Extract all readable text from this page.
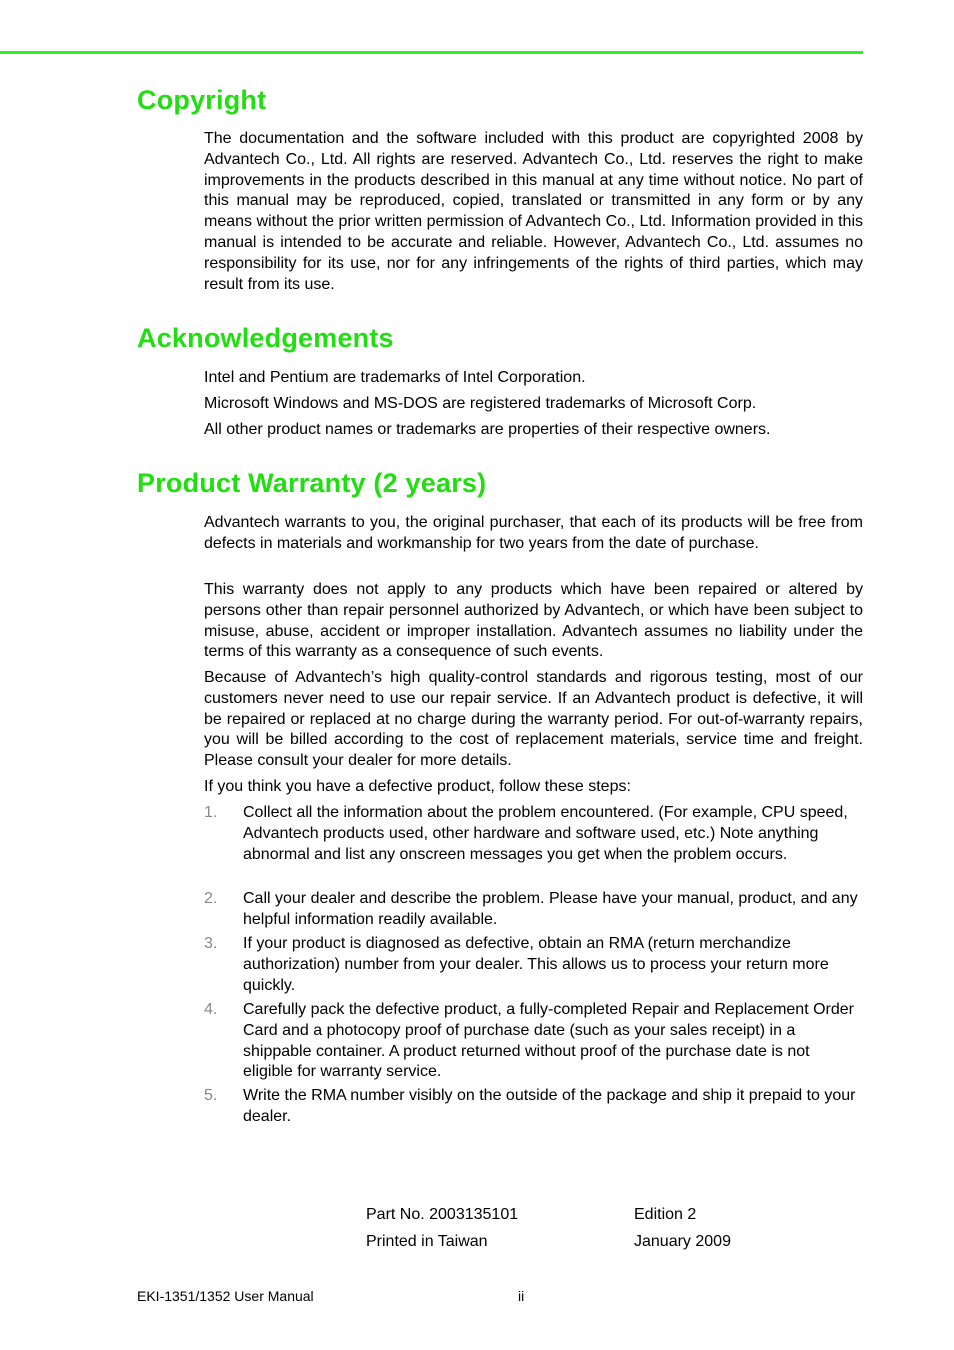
Copyright

The documentation and the software included with this product are copyrighted 2008 by Advantech Co., Ltd. All rights are reserved. Advantech Co., Ltd. reserves the right to make improvements in the products described in this manual at any time without notice. No part of this manual may be reproduced, copied, translated or transmitted in any form or by any means without the prior written permission of Advantech Co., Ltd. Information provided in this manual is intended to be accurate and reliable. However, Advantech Co., Ltd. assumes no responsibility for its use, nor for any infringements of the rights of third parties, which may result from its use.

Acknowledgements

Intel and Pentium are trademarks of Intel Corporation.

Microsoft Windows and MS-DOS are registered trademarks of Microsoft Corp.

All other product names or trademarks are properties of their respective owners.

Product Warranty (2 years)

Advantech warrants to you, the original purchaser, that each of its products will be free from defects in materials and workmanship for two years from the date of purchase.

This warranty does not apply to any products which have been repaired or altered by persons other than repair personnel authorized by Advantech, or which have been subject to misuse, abuse, accident or improper installation. Advantech assumes no liability under the terms of this warranty as a consequence of such events.

Because of Advantech’s high quality-control standards and rigorous testing, most of our customers never need to use our repair service. If an Advantech product is defective, it will be repaired or replaced at no charge during the warranty period. For out-of-warranty repairs, you will be billed according to the cost of replacement materials, service time and freight. Please consult your dealer for more details.

If you think you have a defective product, follow these steps:

1. Collect all the information about the problem encountered. (For example, CPU speed, Advantech products used, other hardware and software used, etc.) Note anything abnormal and list any onscreen messages you get when the problem occurs.
2. Call your dealer and describe the problem. Please have your manual, product, and any helpful information readily available.
3. If your product is diagnosed as defective, obtain an RMA (return merchandize authorization) number from your dealer. This allows us to process your return more quickly.
4. Carefully pack the defective product, a fully-completed Repair and Replacement Order Card and a photocopy proof of purchase date (such as your sales receipt) in a shippable container. A product returned without proof of the purchase date is not eligible for warranty service.
5. Write the RMA number visibly on the outside of the package and ship it prepaid to your dealer.
Part No. 2003135101	Edition 2
Printed in Taiwan	January 2009
EKI-1351/1352 User Manual	ii
